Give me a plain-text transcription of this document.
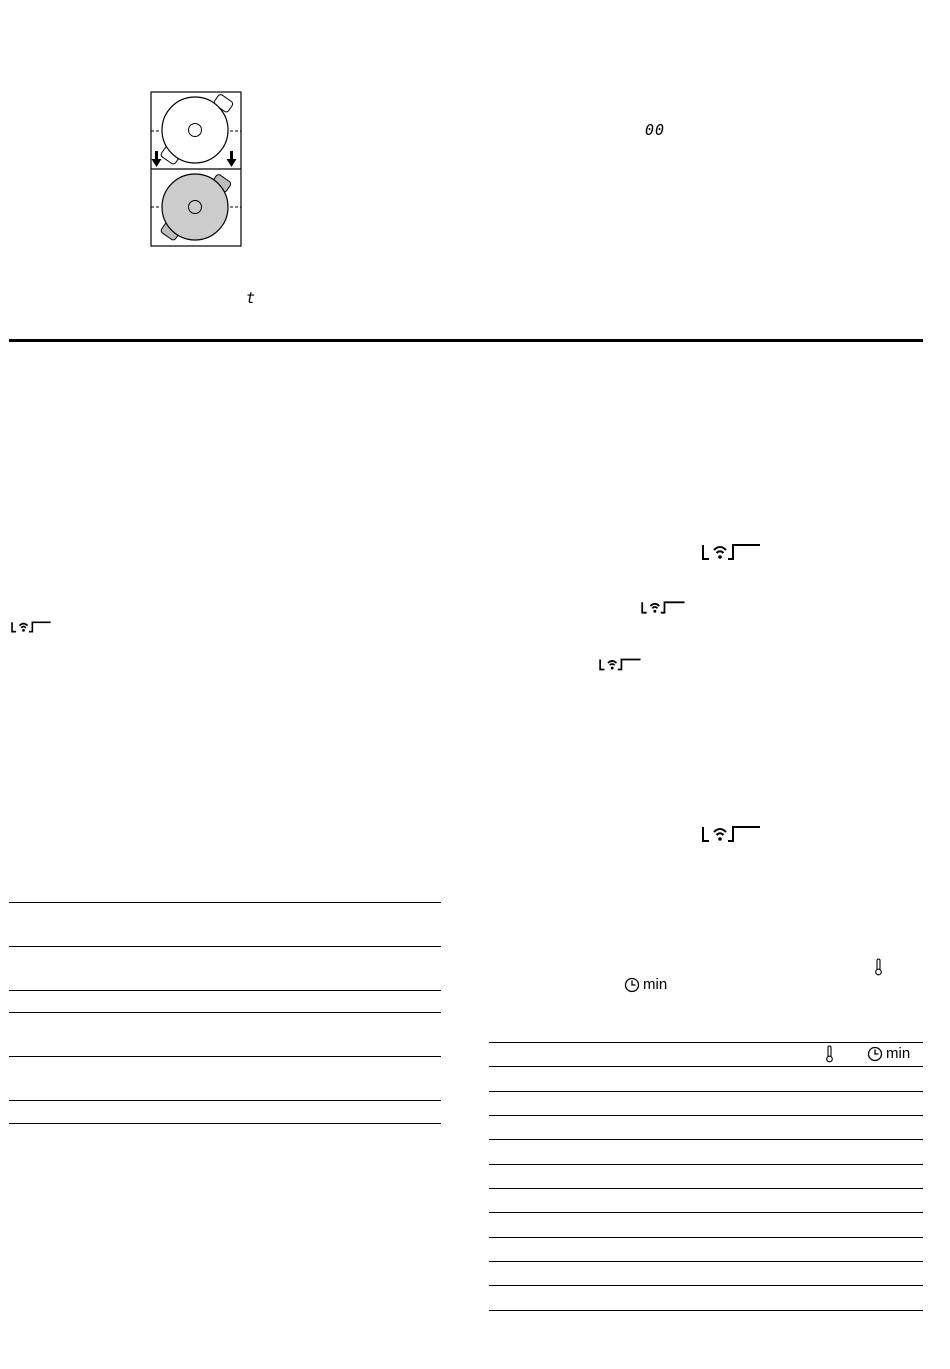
00
t
min
min
